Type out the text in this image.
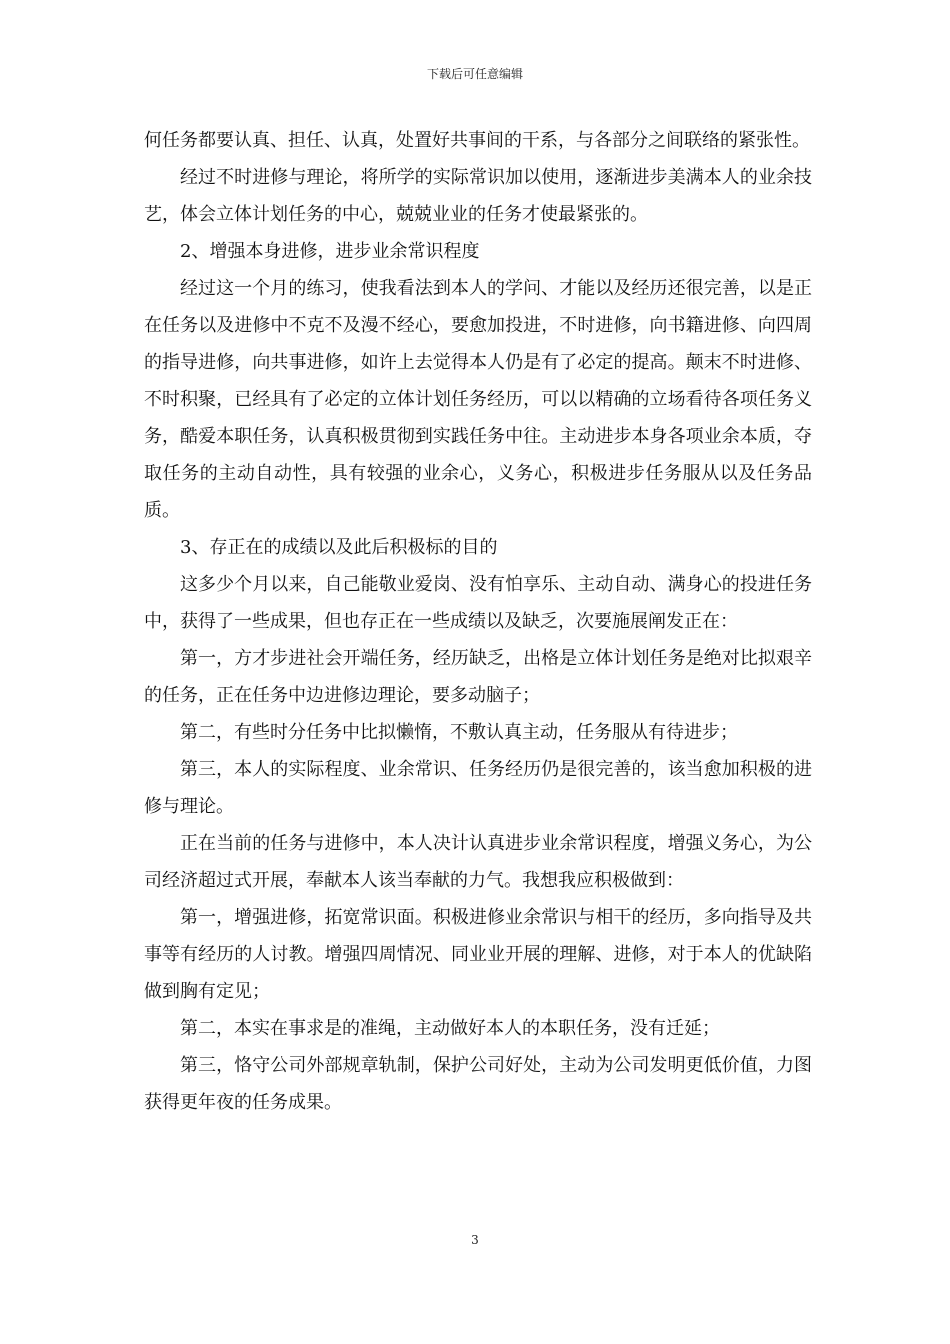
下载后可任意编辑

何任务都要认真、担任、认真，处置好共事间的干系，与各部分之间联络的紧张性。

经过不时进修与理论，将所学的实际常识加以使用，逐渐进步美满本人的业余技艺，体会立体计划任务的中心，兢兢业业的任务才使最紧张的。

2、增强本身进修，进步业余常识程度

经过这一个月的练习，使我看法到本人的学问、才能以及经历还很完善，以是正在任务以及进修中不克不及漫不经心，要愈加投进，不时进修，向书籍进修、向四周的指导进修，向共事进修，如许上去觉得本人仍是有了必定的提高。颠末不时进修、不时积聚，已经具有了必定的立体计划任务经历，可以以精确的立场看待各项任务义务，酷爱本职任务，认真积极贯彻到实践任务中往。主动进步本身各项业余本质，夺取任务的主动自动性，具有较强的业余心，义务心，积极进步任务服从以及任务品质。

3、存正在的成绩以及此后积极标的目的

这多少个月以来，自己能敬业爱岗、没有怕享乐、主动自动、满身心的投进任务中，获得了一些成果，但也存正在一些成绩以及缺乏，次要施展阐发正在：

第一，方才步进社会开端任务，经历缺乏，出格是立体计划任务是绝对比拟艰辛的任务，正在任务中边进修边理论，要多动脑子；

第二，有些时分任务中比拟懒惰，不敷认真主动，任务服从有待进步；

第三，本人的实际程度、业余常识、任务经历仍是很完善的，该当愈加积极的进修与理论。

正在当前的任务与进修中，本人决计认真进步业余常识程度，增强义务心，为公司经济超过式开展，奉献本人该当奉献的力气。我想我应积极做到：

第一，增强进修，拓宽常识面。积极进修业余常识与相干的经历，多向指导及共事等有经历的人讨教。增强四周情况、同业业开展的理解、进修，对于本人的优缺陷做到胸有定见；

第二，本实在事求是的准绳，主动做好本人的本职任务，没有迁延；

第三，恪守公司外部规章轨制，保护公司好处，主动为公司发明更低价值，力图获得更年夜的任务成果。

3
